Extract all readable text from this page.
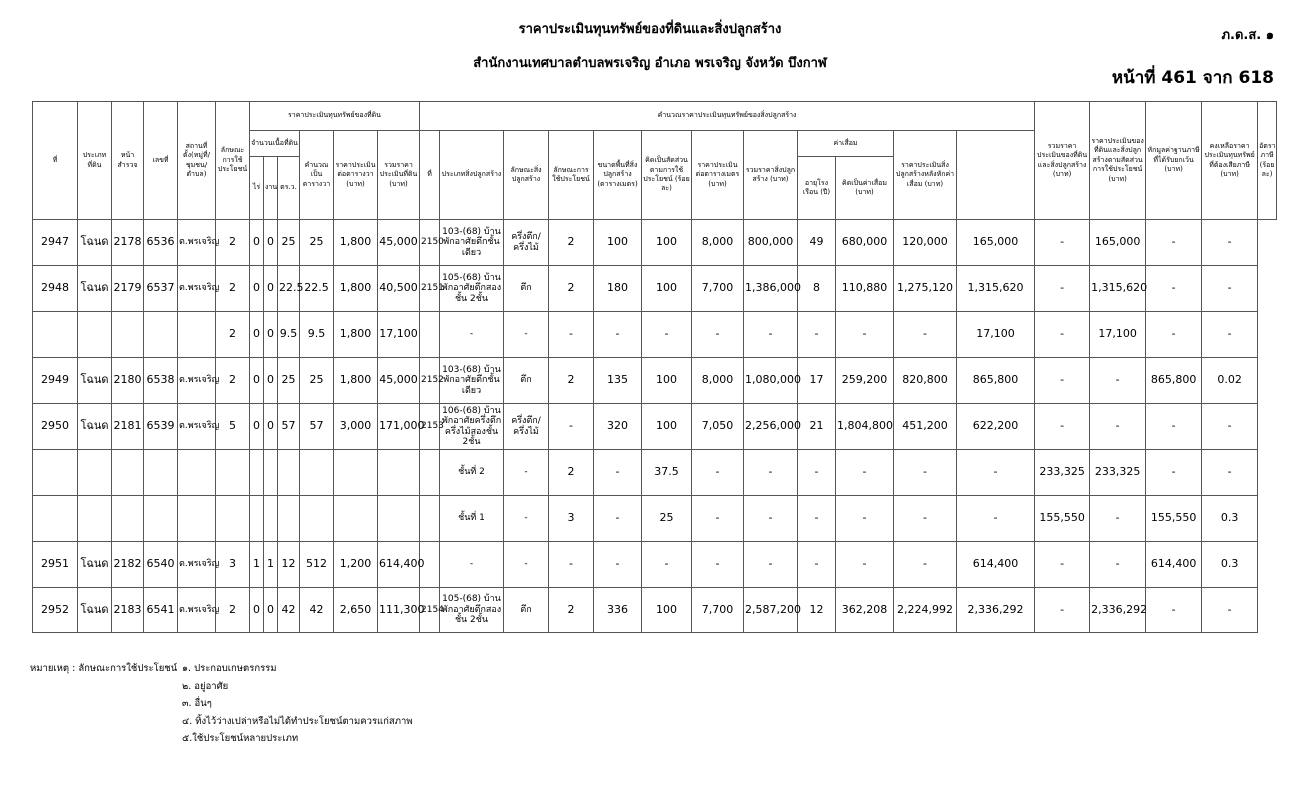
ราคาประเมินทุนทรัพย์ของที่ดินและสิ่งปลูกสร้าง
สำนักงานเทศบาลตำบลพรเจริญ อำเภอ พรเจริญ จังหวัด บึงกาฬ
ภ.ด.ส. ๑
หน้าที่ 461 จาก 618
ที่	ประเภทที่ดิน	หน้าสำรวจ	เลขที่	สถานที่ตั้ง(หมู่ที่/ชุมชน/ตำบล)	ลักษณะการใช้ประโยชน์	ราคาประเมินทุนทรัพย์ของที่ดิน						คำนวณราคาประเมินทุนทรัพย์ของสิ่งปลูกสร้าง												รวมราคาประเมินของที่ดินและสิ่งปลูกสร้าง (บาท)	ราคาประเมินของที่ดินและสิ่งปลูกสร้างตามสัดส่วนการใช้ประโยชน์ (บาท)	หักมูลค่าฐานภาษีที่ได้รับยกเว้น (บาท)	คงเหลือราคาประเมินทุนทรัพย์ที่ต้องเสียภาษี (บาท)	อัตราภาษี (ร้อยละ)
						จำนวนเนื้อที่ดิน			คำนวณเป็นตารางวา	ราคาประเมินต่อตารางวา (บาท)	รวมราคาประเมินที่ดิน (บาท)	ที่	ประเภทสิ่งปลูกสร้าง	ลักษณะสิ่งปลูกสร้าง	ลักษณะการใช้ประโยชน์	ขนาดพื้นที่สิ่งปลูกสร้าง (ตารางเมตร)	คิดเป็นสัดส่วนตามการใช้ประโยชน์ (ร้อยละ)	ราคาประเมินต่อตารางเมตร (บาท)	รวมราคาสิ่งปลูกสร้าง (บาท)	ค่าเสื่อม		ราคาประเมินสิ่งปลูกสร้างหลังหักค่าเสื่อม (บาท)						
						ไร่	งาน	ตร.ว.												อายุโรงเรือน (ปี)	คิดเป็นค่าเสื่อม (บาท)							
2947	โฉนด	2178	6536	ต.พรเจริญ	2	0	0	25	25	1,800	45,000	2150	103-(68) บ้านพักอาศัยตึกชั้นเดียว	ครึ่งตึก/ครึ่งไม้	2	100	100	8,000	800,000	49	680,000	120,000	165,000	-	165,000	-	-	
2948	โฉนด	2179	6537	ต.พรเจริญ	2	0	0	22.5	22.5	1,800	40,500	2151	105-(68) บ้านพักอาศัยตึกสองชั้น 2ชั้น	ตึก	2	180	100	7,700	1,386,000	8	110,880	1,275,120	1,315,620	-	1,315,620	-	-	
					2	0	0	9.5	9.5	1,800	17,100		-	-	-	-	-	-	-	-	-	-	17,100	-	17,100	-	-	
2949	โฉนด	2180	6538	ต.พรเจริญ	2	0	0	25	25	1,800	45,000	2152	103-(68) บ้านพักอาศัยตึกชั้นเดียว	ตึก	2	135	100	8,000	1,080,000	17	259,200	820,800	865,800	-	-	865,800	0.02	
2950	โฉนด	2181	6539	ต.พรเจริญ	5	0	0	57	57	3,000	171,000	2153	106-(68) บ้านพักอาศัยครึ่งตึกครึ่งไม้สองชั้น 2ชั้น	ครึ่งตึก/ครึ่งไม้	-	320	100	7,050	2,256,000	21	1,804,800	451,200	622,200	-	-	-	-	
													ชั้นที่ 2	-	2	-	37.5	-	-	-	-	-	-	233,325	233,325	-	-	
													ชั้นที่ 1	-	3	-	25	-	-	-	-	-	-	155,550	-	155,550	0.3	
2951	โฉนด	2182	6540	ต.พรเจริญ	3	1	1	12	512	1,200	614,400		-	-	-	-	-	-	-	-	-	-	614,400	-	-	614,400	0.3	
2952	โฉนด	2183	6541	ต.พรเจริญ	2	0	0	42	42	2,650	111,300	2154	105-(68) บ้านพักอาศัยตึกสองชั้น 2ชั้น	ตึก	2	336	100	7,700	2,587,200	12	362,208	2,224,992	2,336,292	-	2,336,292	-	-	
หมายเหตุ : ลักษณะการใช้ประโยชน์ ๑. ประกอบเกษตรกรรม
๒. อยู่อาศัย
๓. อื่นๆ
๔. ทิ้งไว้ว่างเปล่าหรือไม่ได้ทำประโยชน์ตามควรแก่สภาพ
๕.ใช้ประโยชน์หลายประเภท
